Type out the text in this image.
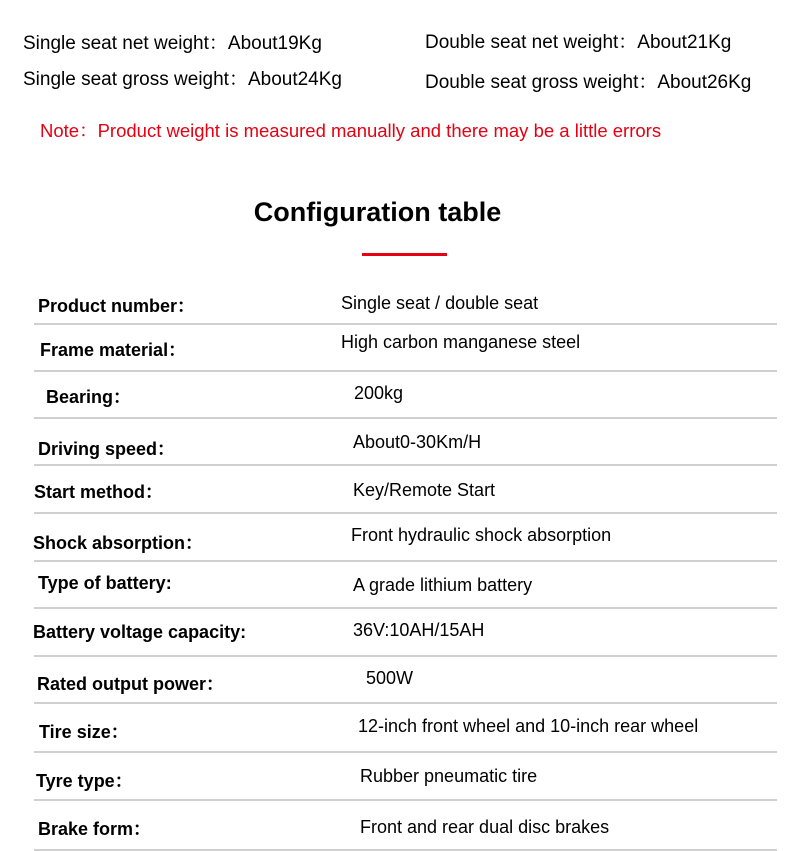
Single seat net weight：About19Kg
Single seat gross weight：About24Kg
Double seat net weight：About21Kg
Double seat gross weight：About26Kg
Note：Product weight is measured manually and there may be a little errors
Configuration table
Product number：	Single seat / double seat
Frame material：	High carbon manganese steel
Bearing：	200kg
Driving speed：	About0-30Km/H
Start method：	Key/Remote Start
Shock absorption：	Front hydraulic shock absorption
Type of battery:	A grade lithium battery
Battery voltage capacity:	36V:10AH/15AH
Rated output power：	500W
Tire size：	12-inch front wheel and 10-inch rear wheel
Tyre type：	Rubber pneumatic tire
Brake form：	Front and rear dual disc brakes
